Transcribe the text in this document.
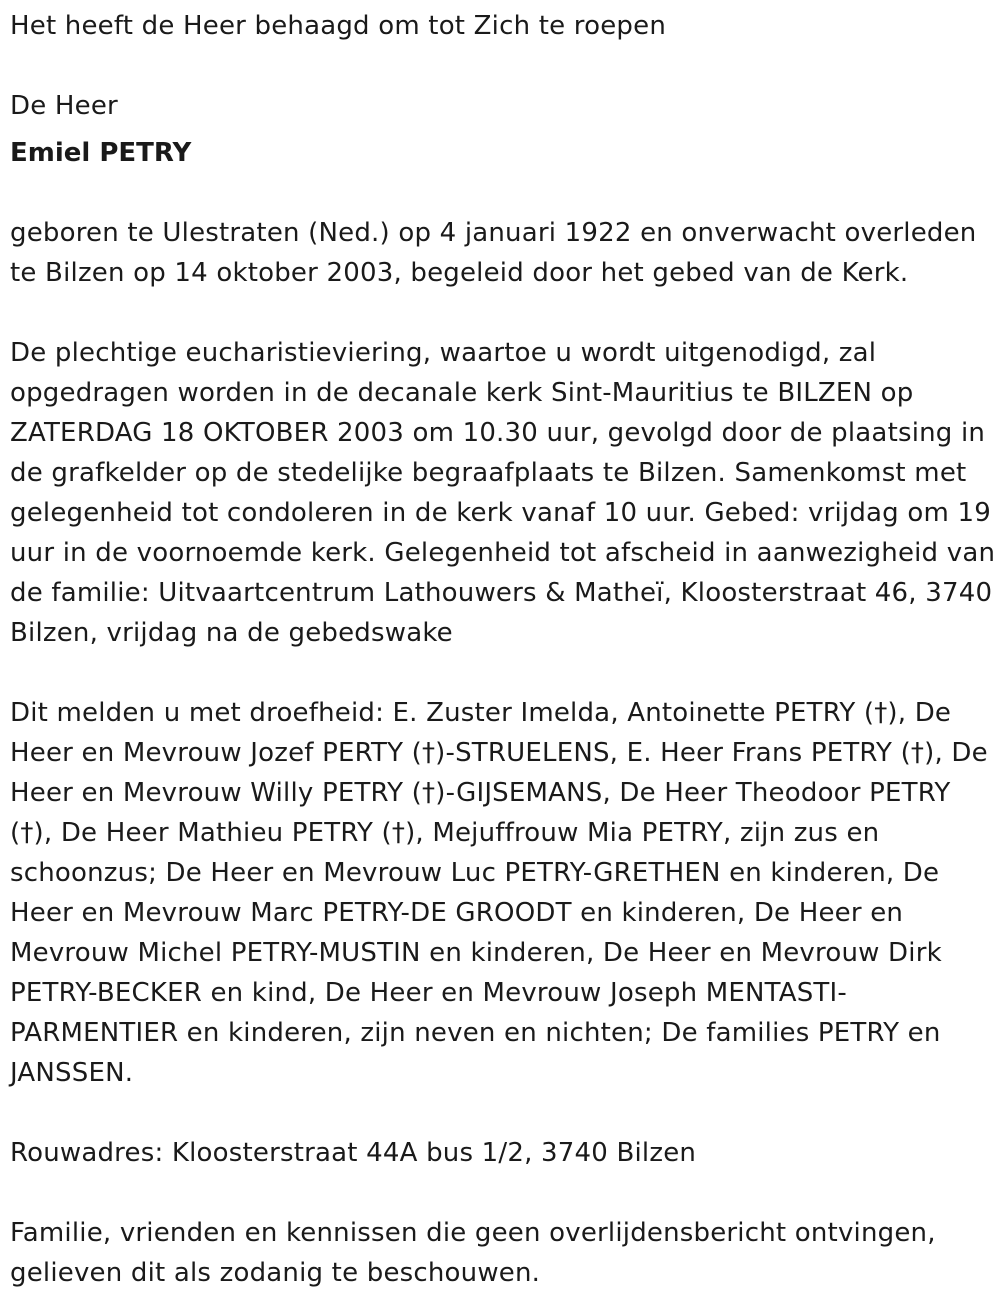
Het heeft de Heer behaagd om tot Zich te roepen

De Heer

Emiel PETRY

geboren te Ulestraten (Ned.) op 4 januari 1922 en onverwacht overleden te Bilzen op 14 oktober 2003, begeleid door het gebed van de Kerk.

De plechtige eucharistieviering, waartoe u wordt uitgenodigd, zal opgedragen worden in de decanale kerk Sint-Mauritius te BILZEN op ZATERDAG 18 OKTOBER 2003 om 10.30 uur, gevolgd door de plaatsing in de grafkelder op de stedelijke begraafplaats te Bilzen. Samenkomst met gelegenheid tot condoleren in de kerk vanaf 10 uur. Gebed: vrijdag om 19 uur in de voornoemde kerk. Gelegenheid tot afscheid in aanwezigheid van de familie: Uitvaartcentrum Lathouwers & Matheï, Kloosterstraat 46, 3740 Bilzen, vrijdag na de gebedswake

Dit melden u met droefheid: E. Zuster Imelda, Antoinette PETRY (†), De Heer en Mevrouw Jozef PERTY (†)-STRUELENS, E. Heer Frans PETRY (†), De Heer en Mevrouw Willy PETRY (†)-GIJSEMANS, De Heer Theodoor PETRY (†), De Heer Mathieu PETRY (†), Mejuffrouw Mia PETRY, zijn zus en schoonzus; De Heer en Mevrouw Luc PETRY-GRETHEN en kinderen, De Heer en Mevrouw Marc PETRY-DE GROODT en kinderen, De Heer en Mevrouw Michel PETRY-MUSTIN en kinderen, De Heer en Mevrouw Dirk PETRY-BECKER en kind, De Heer en Mevrouw Joseph MENTASTI-PARMENTIER en kinderen, zijn neven en nichten; De families PETRY en JANSSEN.

Rouwadres: Kloosterstraat 44A bus 1/2, 3740 Bilzen

Familie, vrienden en kennissen die geen overlijdensbericht ontvingen, gelieven dit als zodanig te beschouwen.
